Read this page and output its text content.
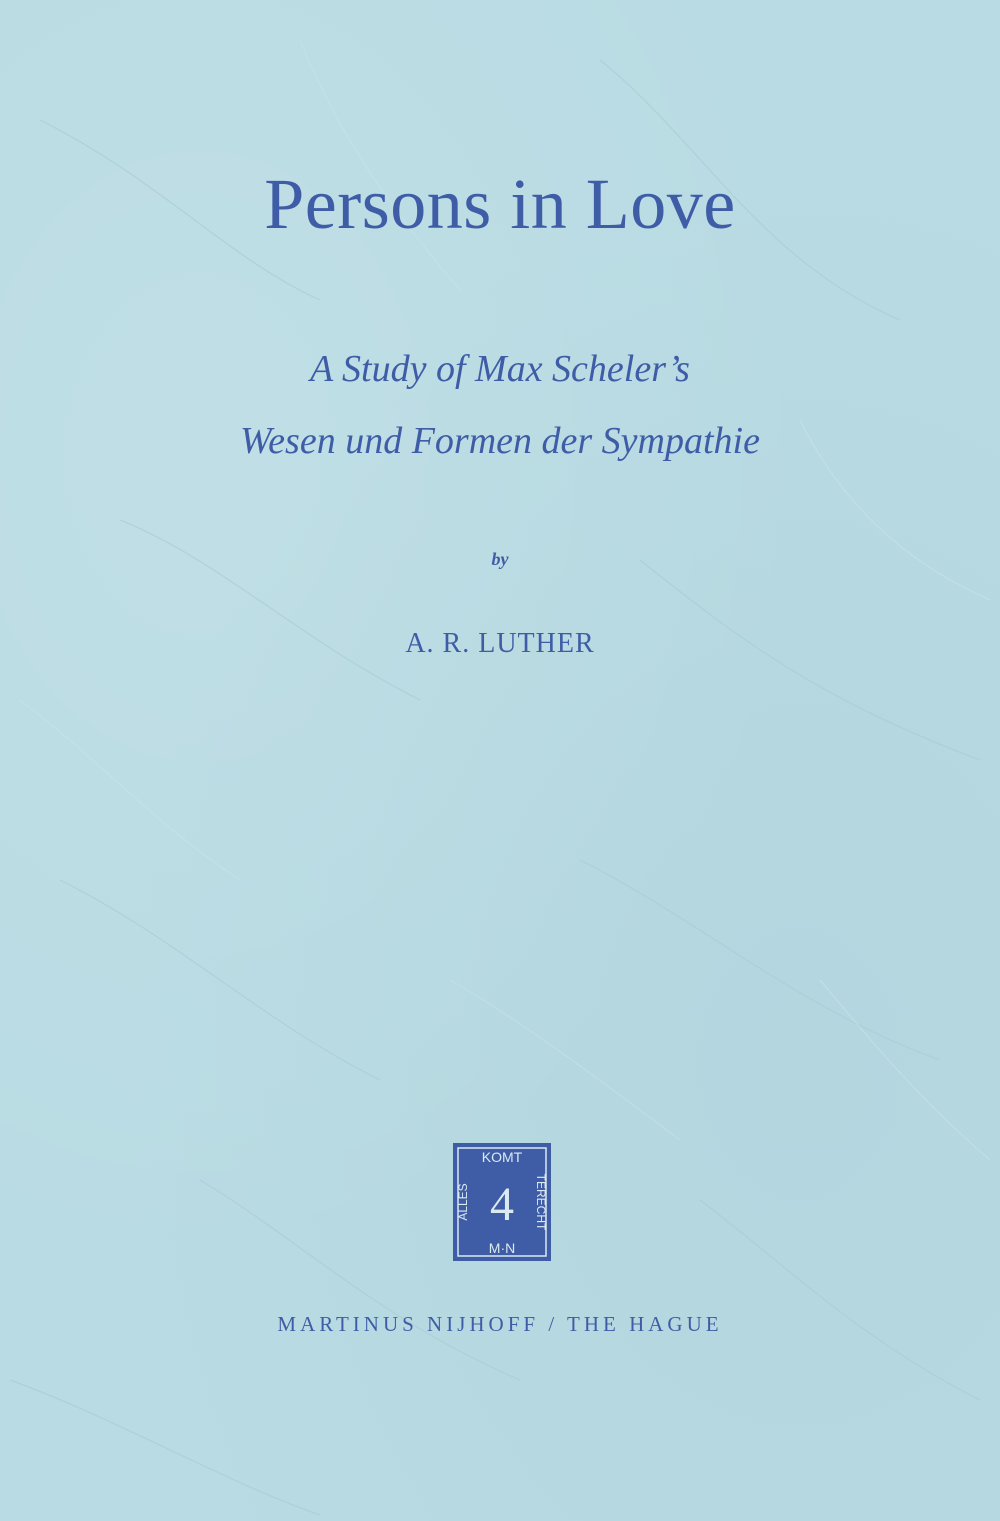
Persons in Love
A Study of Max Scheler’s
Wesen und Formen der Sympathie
by
A. R. LUTHER
KOMT
M·N
ALLES	TERECHT
4
MARTINUS NIJHOFF / THE HAGUE
